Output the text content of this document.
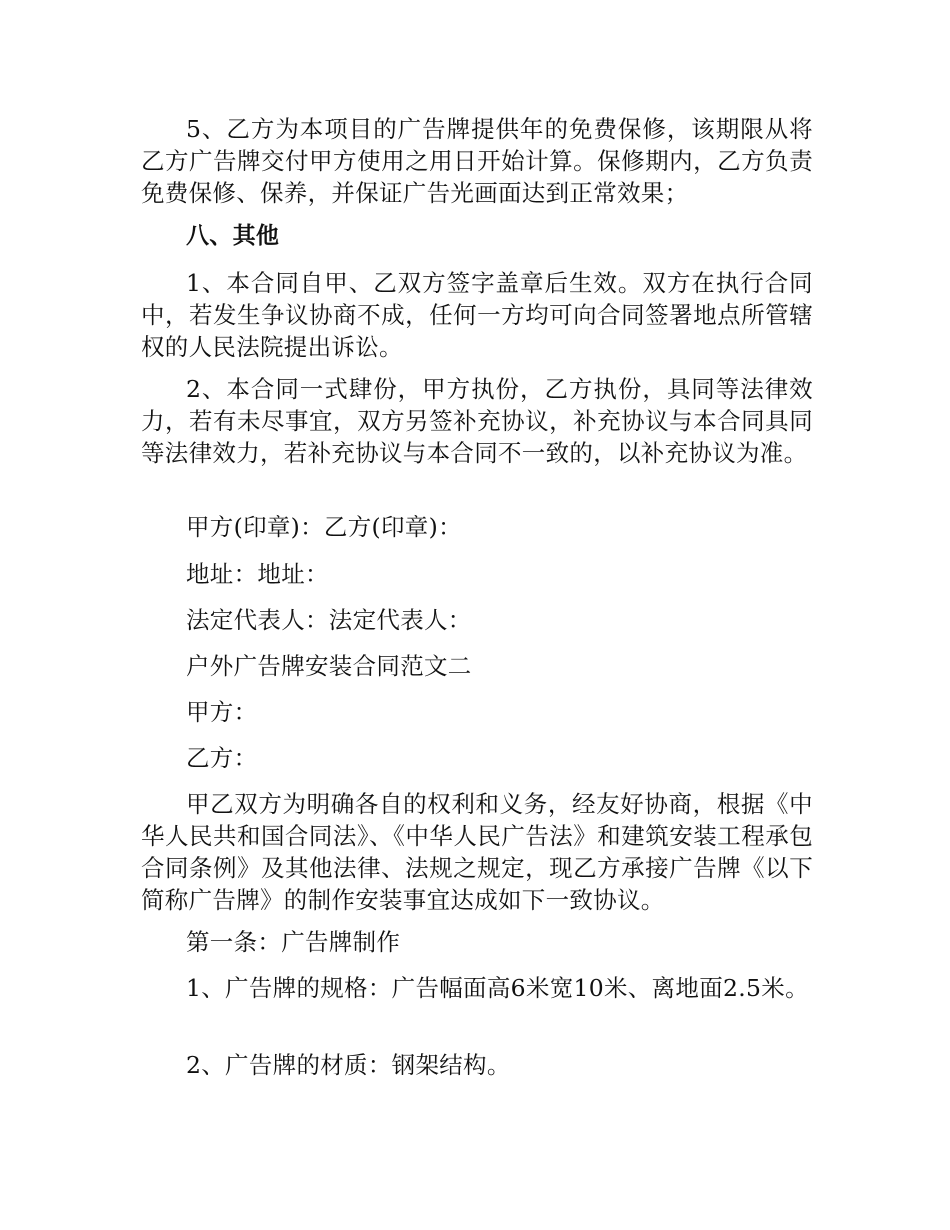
5、乙方为本项目的广告牌提供年的免费保修，该期限从将乙方广告牌交付甲方使用之用日开始计算。保修期内，乙方负责免费保修、保养，并保证广告光画面达到正常效果；

八、其他

1、本合同自甲、乙双方签字盖章后生效。双方在执行合同中，若发生争议协商不成，任何一方均可向合同签署地点所管辖权的人民法院提出诉讼。

2、本合同一式肆份，甲方执份，乙方执份，具同等法律效力，若有未尽事宜，双方另签补充协议，补充协议与本合同具同等法律效力，若补充协议与本合同不一致的，以补充协议为准。

甲方(印章)：乙方(印章)：

地址：地址：

法定代表人：法定代表人：

户外广告牌安装合同范文二

甲方：

乙方：

甲乙双方为明确各自的权利和义务，经友好协商，根据《中华人民共和国合同法》、《中华人民广告法》和建筑安装工程承包合同条例》及其他法律、法规之规定，现乙方承接广告牌《以下简称广告牌》的制作安装事宜达成如下一致协议。

第一条：广告牌制作

1、广告牌的规格：广告幅面高6米宽10米、离地面2.5米。

2、广告牌的材质：钢架结构。
